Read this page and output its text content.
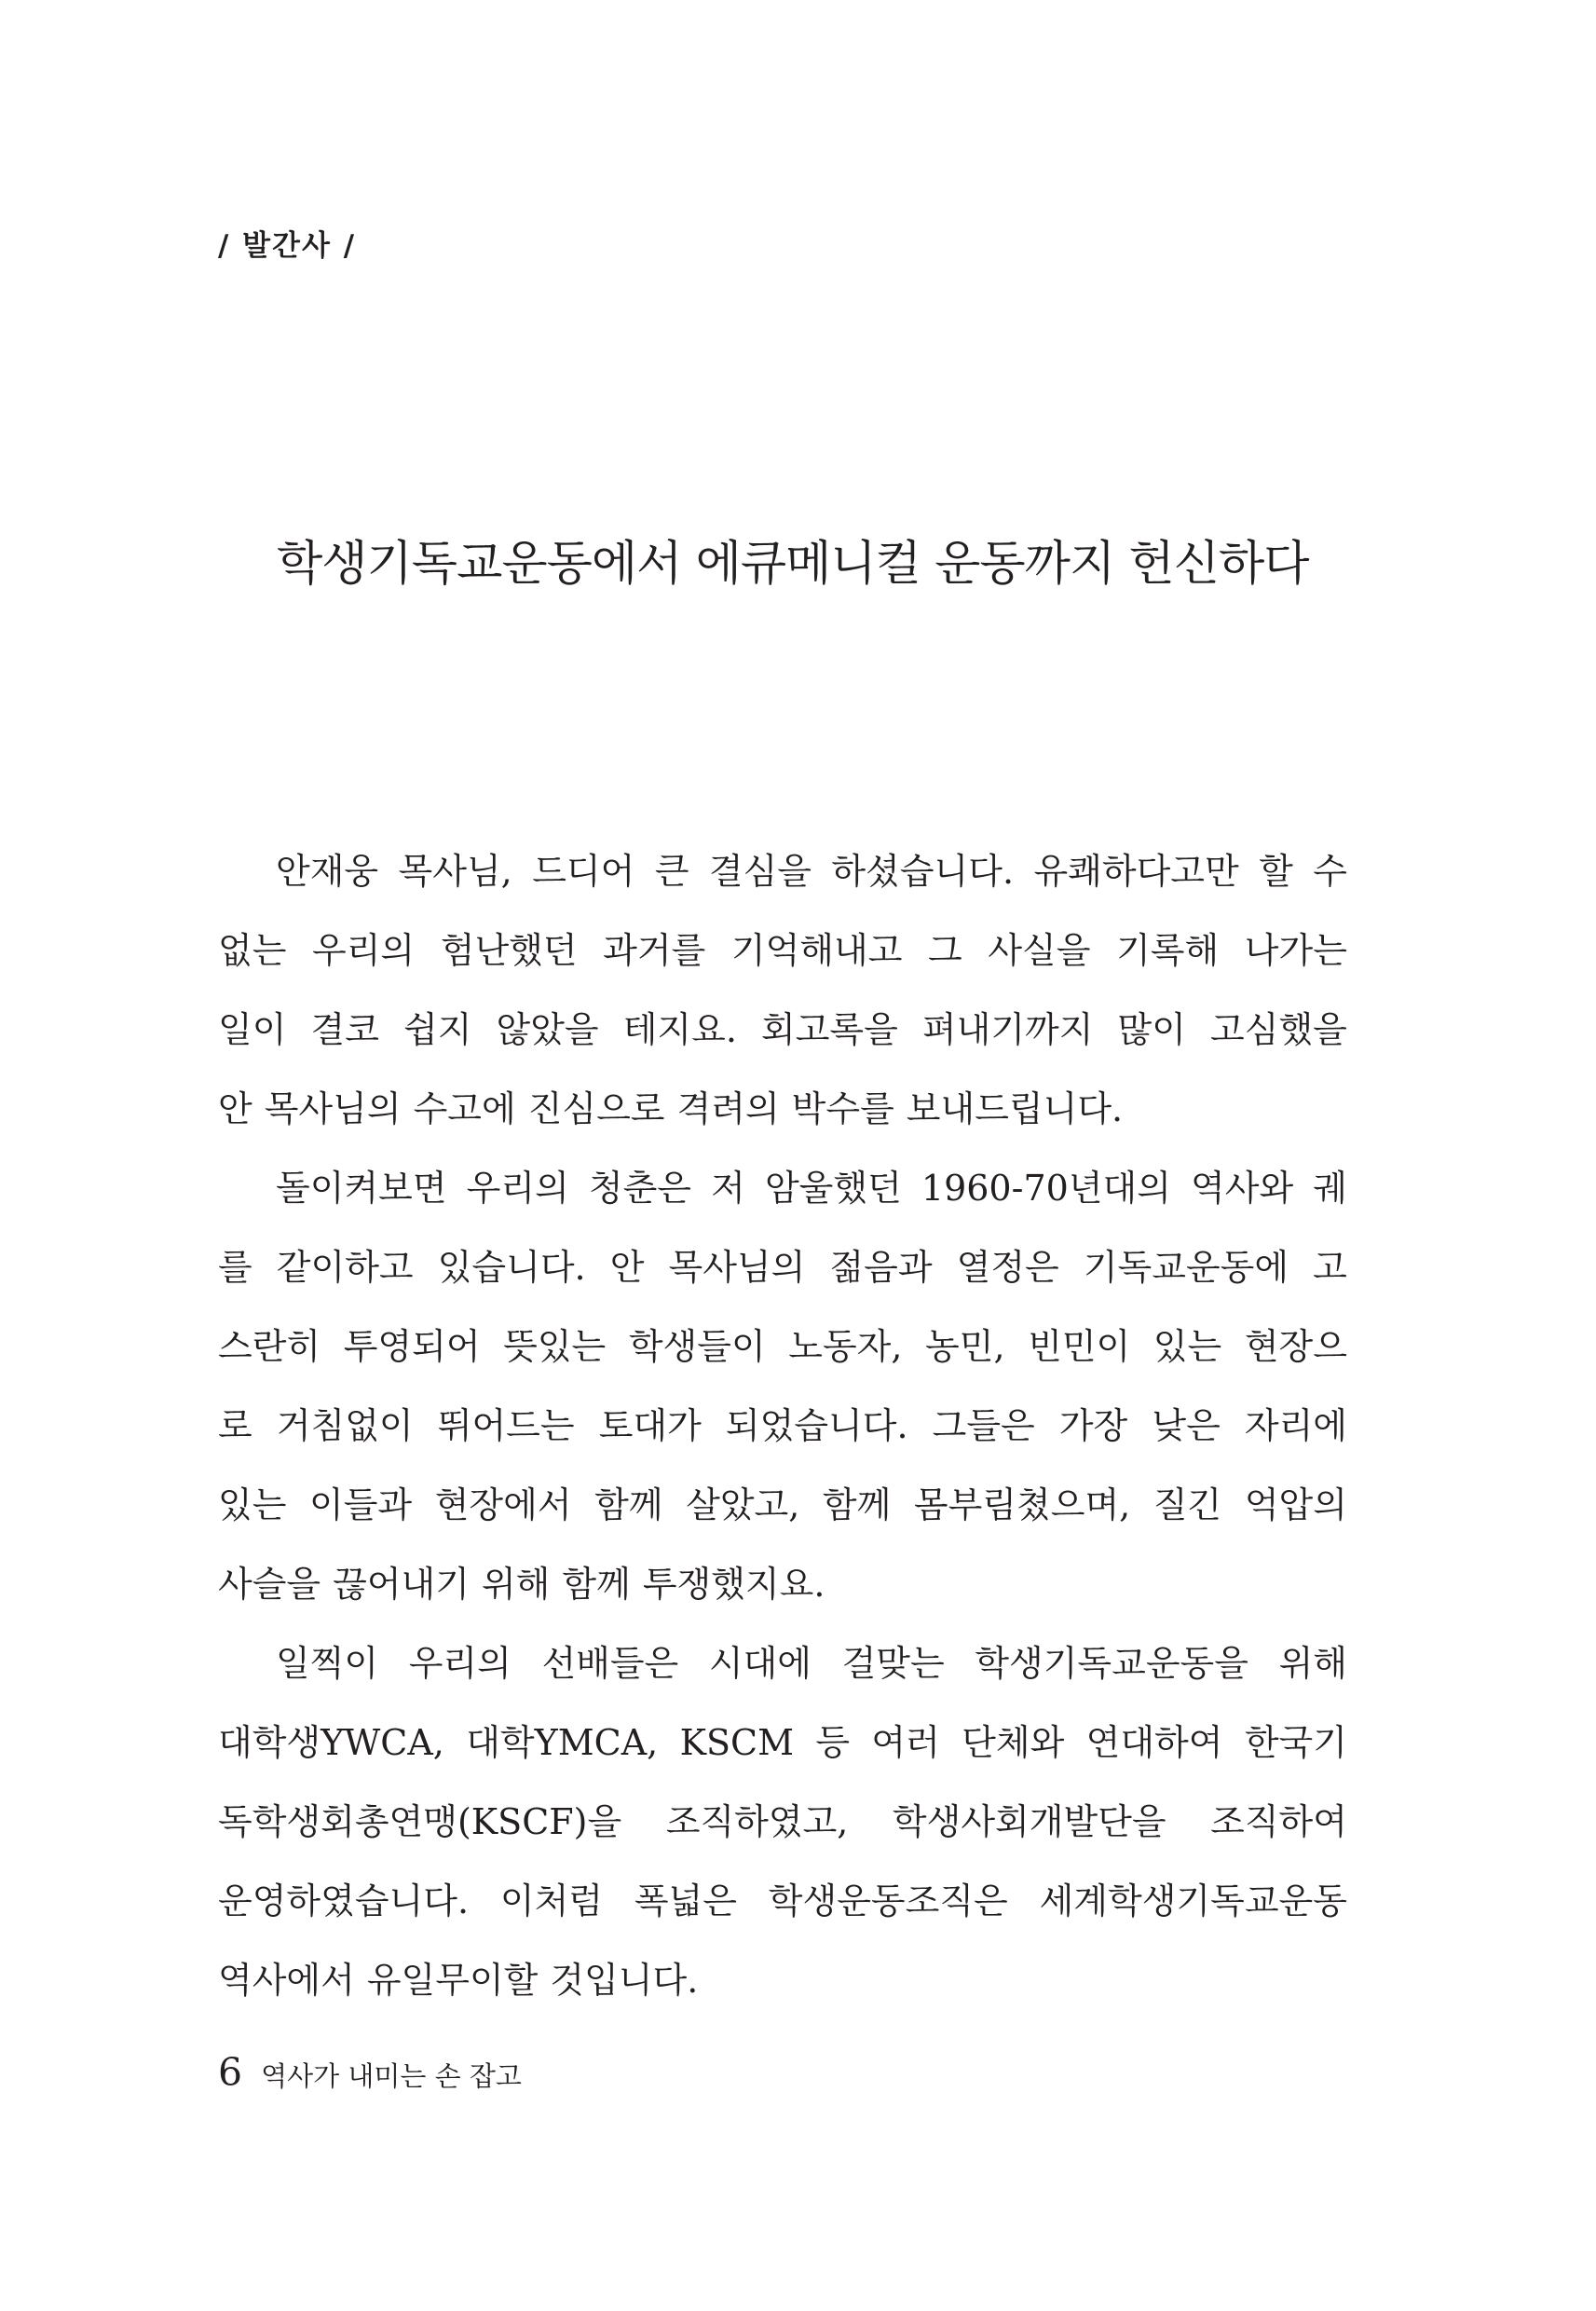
/ 발간사 /
학생기독교운동에서 에큐메니컬 운동까지 헌신하다
안재웅 목사님, 드디어 큰 결심을 하셨습니다. 유쾌하다고만 할 수
없는 우리의 험난했던 과거를 기억해내고 그 사실을 기록해 나가는
일이 결코 쉽지 않았을 테지요. 회고록을 펴내기까지 많이 고심했을
안 목사님의 수고에 진심으로 격려의 박수를 보내드립니다.
돌이켜보면 우리의 청춘은 저 암울했던 1960-70년대의 역사와 궤
를 같이하고 있습니다. 안 목사님의 젊음과 열정은 기독교운동에 고
스란히 투영되어 뜻있는 학생들이 노동자, 농민, 빈민이 있는 현장으
로 거침없이 뛰어드는 토대가 되었습니다. 그들은 가장 낮은 자리에
있는 이들과 현장에서 함께 살았고, 함께 몸부림쳤으며, 질긴 억압의
사슬을 끊어내기 위해 함께 투쟁했지요.
일찍이 우리의 선배들은 시대에 걸맞는 학생기독교운동을 위해
대학생YWCA, 대학YMCA, KSCM 등 여러 단체와 연대하여 한국기
독학생회총연맹(KSCF)을 조직하였고, 학생사회개발단을 조직하여
운영하였습니다. 이처럼 폭넓은 학생운동조직은 세계학생기독교운동
역사에서 유일무이할 것입니다.
6 역사가 내미는 손 잡고
